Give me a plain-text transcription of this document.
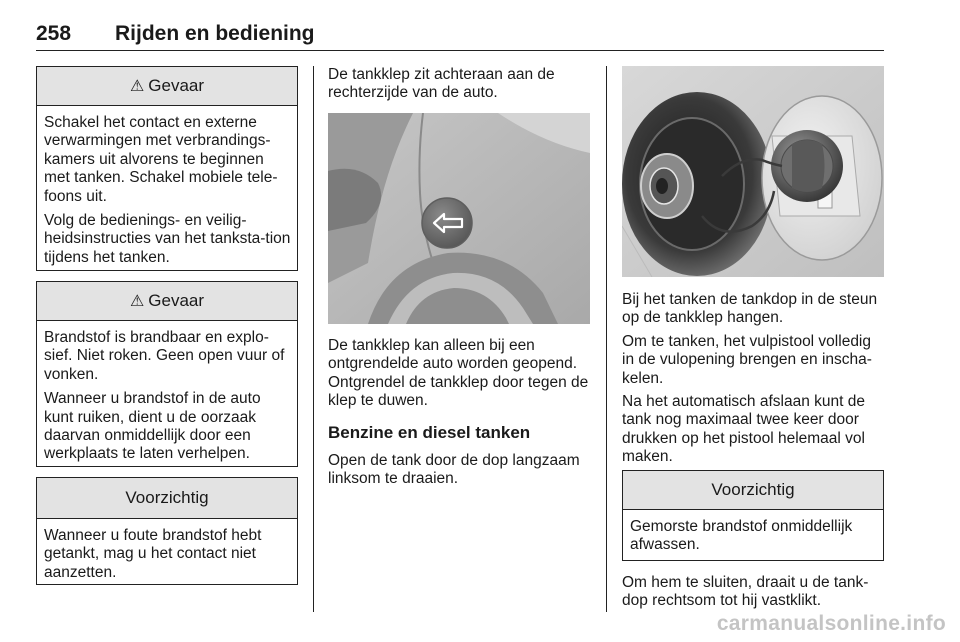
258 Rijden en bediening
⚠ Gevaar

Schakel het contact en externe verwarmingen met verbrandings-kamers uit alvorens te beginnen met tanken. Schakel mobiele tele-foons uit.

Volg de bedienings- en veilig-heidsinstructies van het tanksta-tion tijdens het tanken.

⚠ Gevaar

Brandstof is brandbaar en explo-sief. Niet roken. Geen open vuur of vonken.

Wanneer u brandstof in de auto kunt ruiken, dient u de oorzaak daarvan onmiddellijk door een werkplaats te laten verhelpen.

Voorzichtig

Wanneer u foute brandstof hebt getankt, mag u het contact niet aanzetten.

De tankklep zit achteraan aan de rechterzijde van de auto.

De tankklep kan alleen bij een ontgrendelde auto worden geopend. Ontgrendel de tankklep door tegen de klep te duwen.

Benzine en diesel tanken

Open de tank door de dop langzaam linksom te draaien.

Bij het tanken de tankdop in de steun op de tankklep hangen.

Om te tanken, het vulpistool volledig in de vulopening brengen en inscha-kelen.

Na het automatisch afslaan kunt de tank nog maximaal twee keer door drukken op het pistool helemaal vol maken.

Voorzichtig

Gemorste brandstof onmiddellijk afwassen.

Om hem te sluiten, draait u de tank-dop rechtsom tot hij vastklikt.

carmanualsonline.info
